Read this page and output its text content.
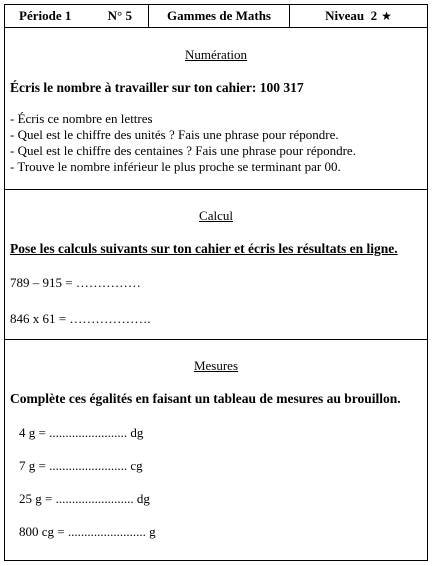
Période 1	N° 5	Gammes de Maths	Niveau  2 ★
Numération
Écris le nombre à travailler sur ton cahier: 100 317
- Écris ce nombre en lettres
- Quel est le chiffre des unités ? Fais une phrase pour répondre.
- Quel est le chiffre des centaines ? Fais une phrase pour répondre.
- Trouve le nombre inférieur le plus proche se terminant par 00.
Calcul
Pose les calculs suivants sur ton cahier et écris les résultats en ligne.
789 – 915 = ……………
846 x 61 = ……………….
Mesures
Complète ces égalités en faisant un tableau de mesures au brouillon.
4 g = ........................ dg
7 g = ........................ cg
25 g = ........................ dg
800 cg = ........................ g
